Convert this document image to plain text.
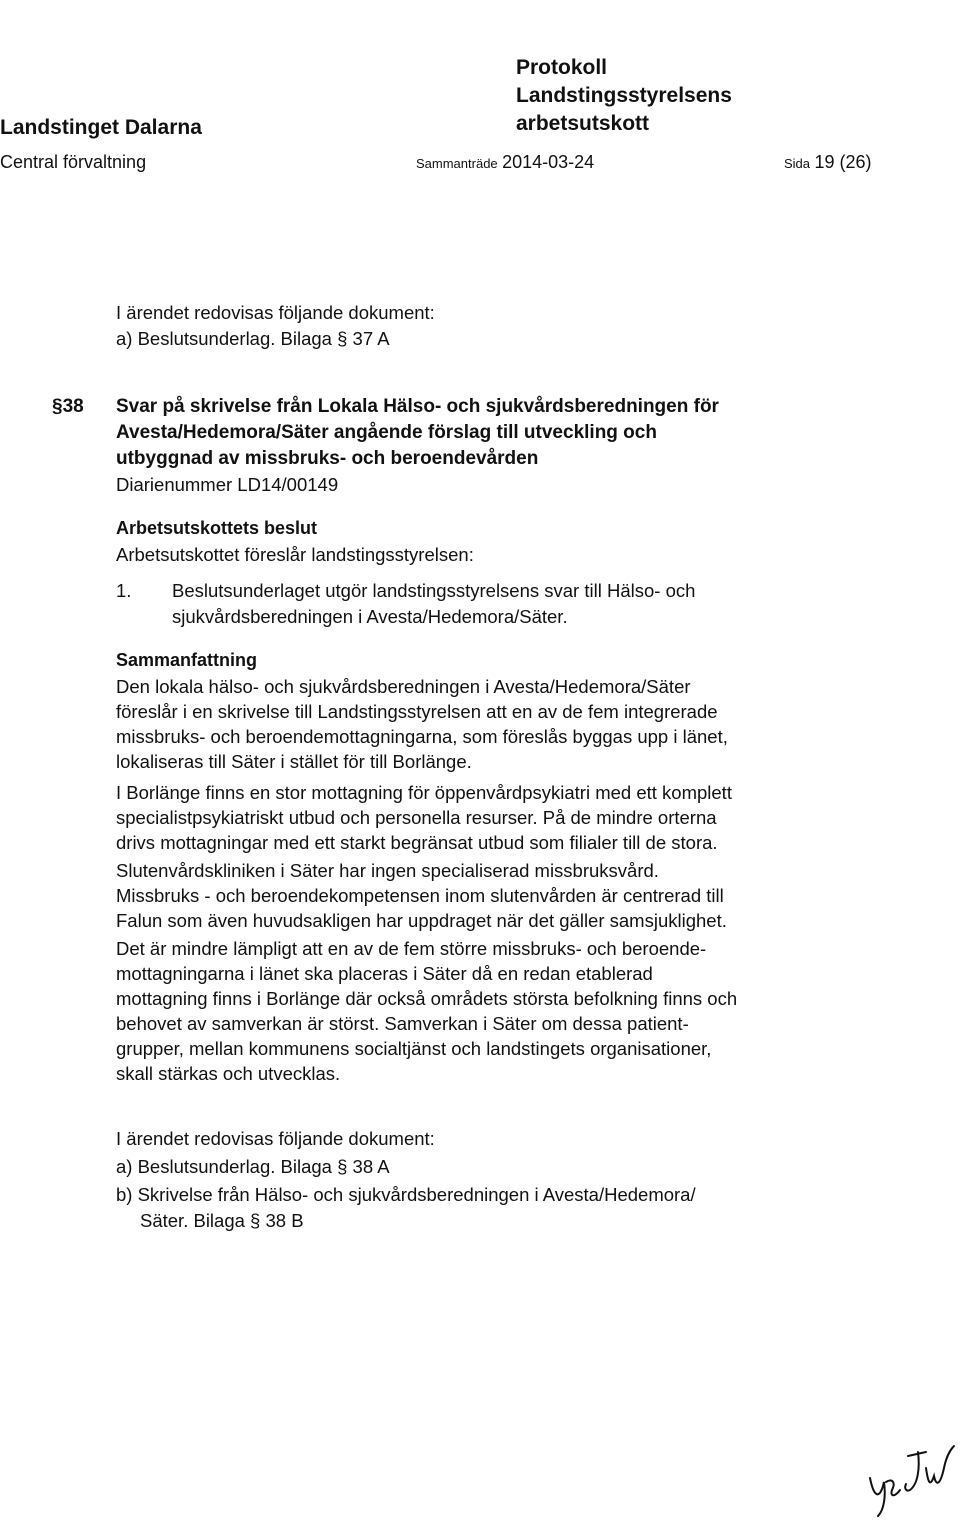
Landstinget Dalarna
Central förvaltning
Protokoll
Landstingsstyrelsens
arbetsutskott
Sammanträde 2014-03-24	Sida 19 (26)
I ärendet redovisas följande dokument:
a) Beslutsunderlag. Bilaga § 37 A
§38 Svar på skrivelse från Lokala Hälso- och sjukvårdsberedningen för
Avesta/Hedemora/Säter angående förslag till utveckling och
utbyggnad av missbruks- och beroendevården
Diarienummer LD14/00149
Arbetsutskottets beslut
Arbetsutskottet föreslår landstingsstyrelsen:
1. Beslutsunderlaget utgör landstingsstyrelsens svar till Hälso- och
sjukvårdsberedningen i Avesta/Hedemora/Säter.
Sammanfattning
Den lokala hälso- och sjukvårdsberedningen i Avesta/Hedemora/Säter
föreslår i en skrivelse till Landstingsstyrelsen att en av de fem integrerade
missbruks- och beroendemottagningarna, som föreslås byggas upp i länet,
lokaliseras till Säter i stället för till Borlänge.
I Borlänge finns en stor mottagning för öppenvårdpsykiatri med ett komplett
specialistpsykiatriskt utbud och personella resurser. På de mindre orterna
drivs mottagningar med ett starkt begränsat utbud som filialer till de stora.
Slutenvårdskliniken i Säter har ingen specialiserad missbruksvård.
Missbruks - och beroendekompetensen inom slutenvården är centrerad till
Falun som även huvudsakligen har uppdraget när det gäller samsjuklighet.
Det är mindre lämpligt att en av de fem större missbruks- och beroende-
mottagningarna i länet ska placeras i Säter då en redan etablerad
mottagning finns i Borlänge där också områdets största befolkning finns och
behovet av samverkan är störst. Samverkan i Säter om dessa patient-
grupper, mellan kommunens socialtjänst och landstingets organisationer,
skall stärkas och utvecklas.
I ärendet redovisas följande dokument:
a) Beslutsunderlag. Bilaga § 38 A
b) Skrivelse från Hälso- och sjukvårdsberedningen i Avesta/Hedemora/
Säter. Bilaga § 38 B
